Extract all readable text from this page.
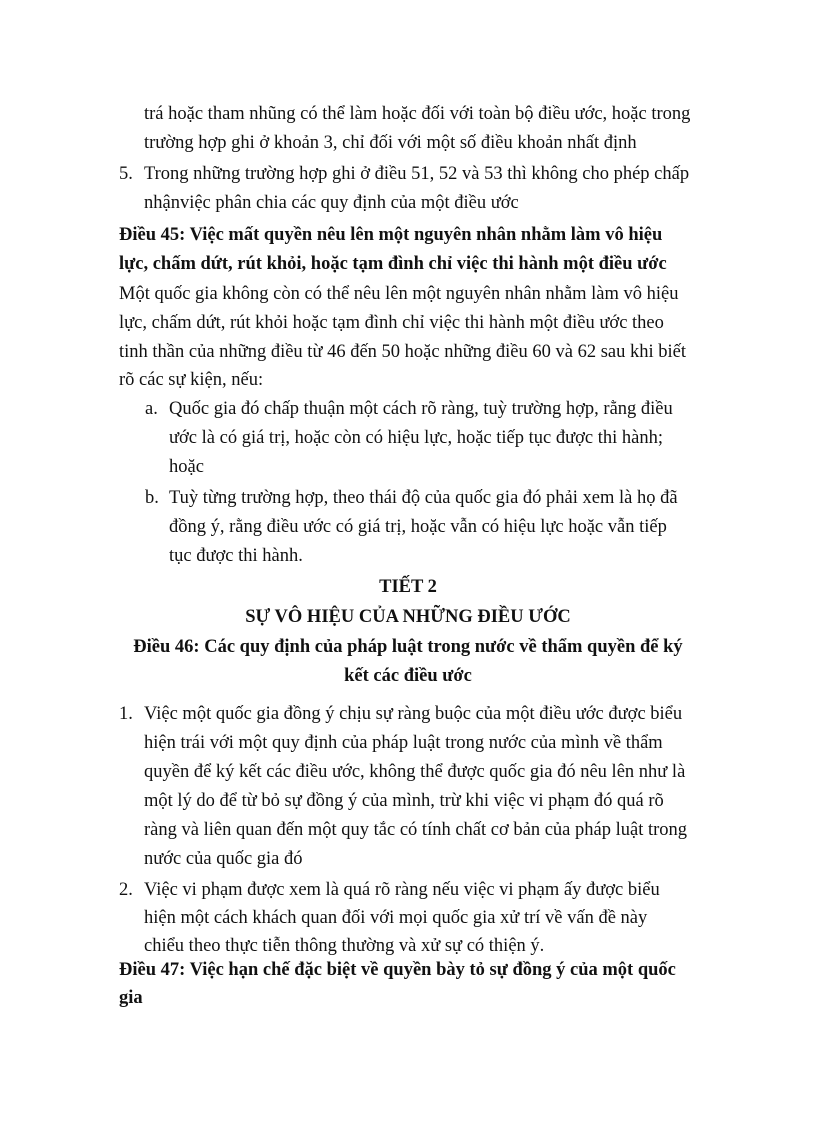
trá hoặc tham nhũng có thể làm hoặc đối với toàn bộ điều ước, hoặc trong

trường hợp ghi ở khoản 3, chỉ đối với một số điều khoản nhất định

5. Trong những trường hợp ghi ở điều 51, 52 và 53 thì không cho phép chấp

nhậnviệc phân chia các quy định của một điều ước

Điều 45: Việc mất quyền nêu lên một nguyên nhân nhằm làm vô hiệu

lực, chấm dứt, rút khỏi, hoặc tạm đình chỉ việc thi hành một điều ước

Một quốc gia không còn có thể nêu lên một nguyên nhân nhằm làm vô hiệu

lực, chấm dứt, rút khỏi hoặc tạm đình chỉ việc thi hành một điều ước theo

tinh thần của những điều từ 46 đến 50 hoặc những điều 60 và 62 sau khi biết

rõ các sự kiện, nếu:

a. Quốc gia đó chấp thuận một cách rõ ràng, tuỳ trường hợp, rằng điều

ước là có giá trị, hoặc còn có hiệu lực, hoặc tiếp tục được thi hành;

hoặc

b. Tuỳ từng trường hợp, theo thái độ của quốc gia đó phải xem là họ đã

đồng ý, rằng điều ước có giá trị, hoặc vẫn có hiệu lực hoặc vẫn tiếp

tục được thi hành.

TIẾT 2

SỰ VÔ HIỆU CỦA NHỮNG ĐIỀU ƯỚC

Điều 46: Các quy định của pháp luật trong nước về thẩm quyền để ký

kết các điều ước

1. Việc một quốc gia đồng ý chịu sự ràng buộc của một điều ước được biểu

hiện trái với một quy định của pháp luật trong nước của mình về thẩm

quyền để ký kết các điều ước, không thể được quốc gia đó nêu lên như là

một lý do để từ bỏ sự đồng ý của mình, trừ khi việc vi phạm đó quá rõ

ràng và liên quan đến một quy tắc có tính chất cơ bản của pháp luật trong

nước của quốc gia đó

2. Việc vi phạm được xem là quá rõ ràng nếu việc vi phạm ấy được biểu

hiện một cách khách quan đối với mọi quốc gia xử trí về vấn đề này

chiểu theo thực tiễn thông thường và xử sự có thiện ý.

Điều 47: Việc hạn chế đặc biệt về quyền bày tỏ sự đồng ý của một quốc

gia
